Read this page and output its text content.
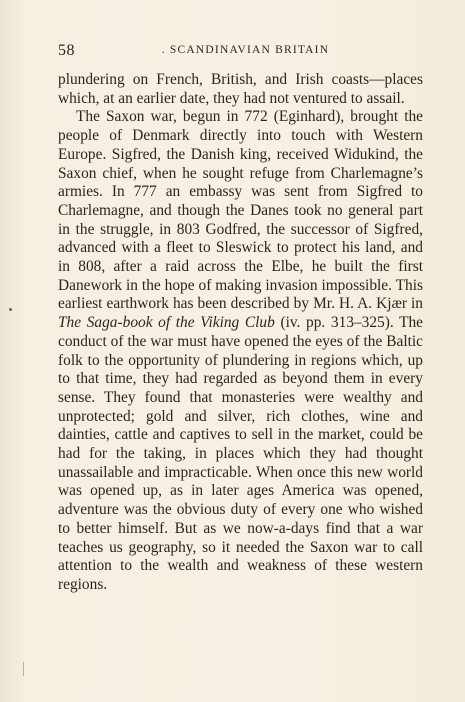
58	. SCANDINAVIAN BRITAIN

plundering on French, British, and Irish coasts—places which, at an earlier date, they had not ventured to assail.

The Saxon war, begun in 772 (Eginhard), brought the people of Denmark directly into touch with Western Europe. Sigfred, the Danish king, received Widukind, the Saxon chief, when he sought refuge from Charlemagne’s armies. In 777 an embassy was sent from Sigfred to Charlemagne, and though the Danes took no general part in the struggle, in 803 Godfred, the successor of Sigfred, advanced with a fleet to Sleswick to protect his land, and in 808, after a raid across the Elbe, he built the first Danework in the hope of making invasion impossible. This earliest earthwork has been described by Mr. H. A. Kjær in The Saga-book of the Viking Club (iv. pp. 313–325). The conduct of the war must have opened the eyes of the Baltic folk to the opportunity of plundering in regions which, up to that time, they had regarded as beyond them in every sense. They found that monasteries were wealthy and unprotected; gold and silver, rich clothes, wine and dainties, cattle and captives to sell in the market, could be had for the taking, in places which they had thought unassailable and impracticable. When once this new world was opened up, as in later ages America was opened, adventure was the obvious duty of every one who wished to better himself. But as we now-a-days find that a war teaches us geography, so it needed the Saxon war to call attention to the wealth and weakness of these western regions.
